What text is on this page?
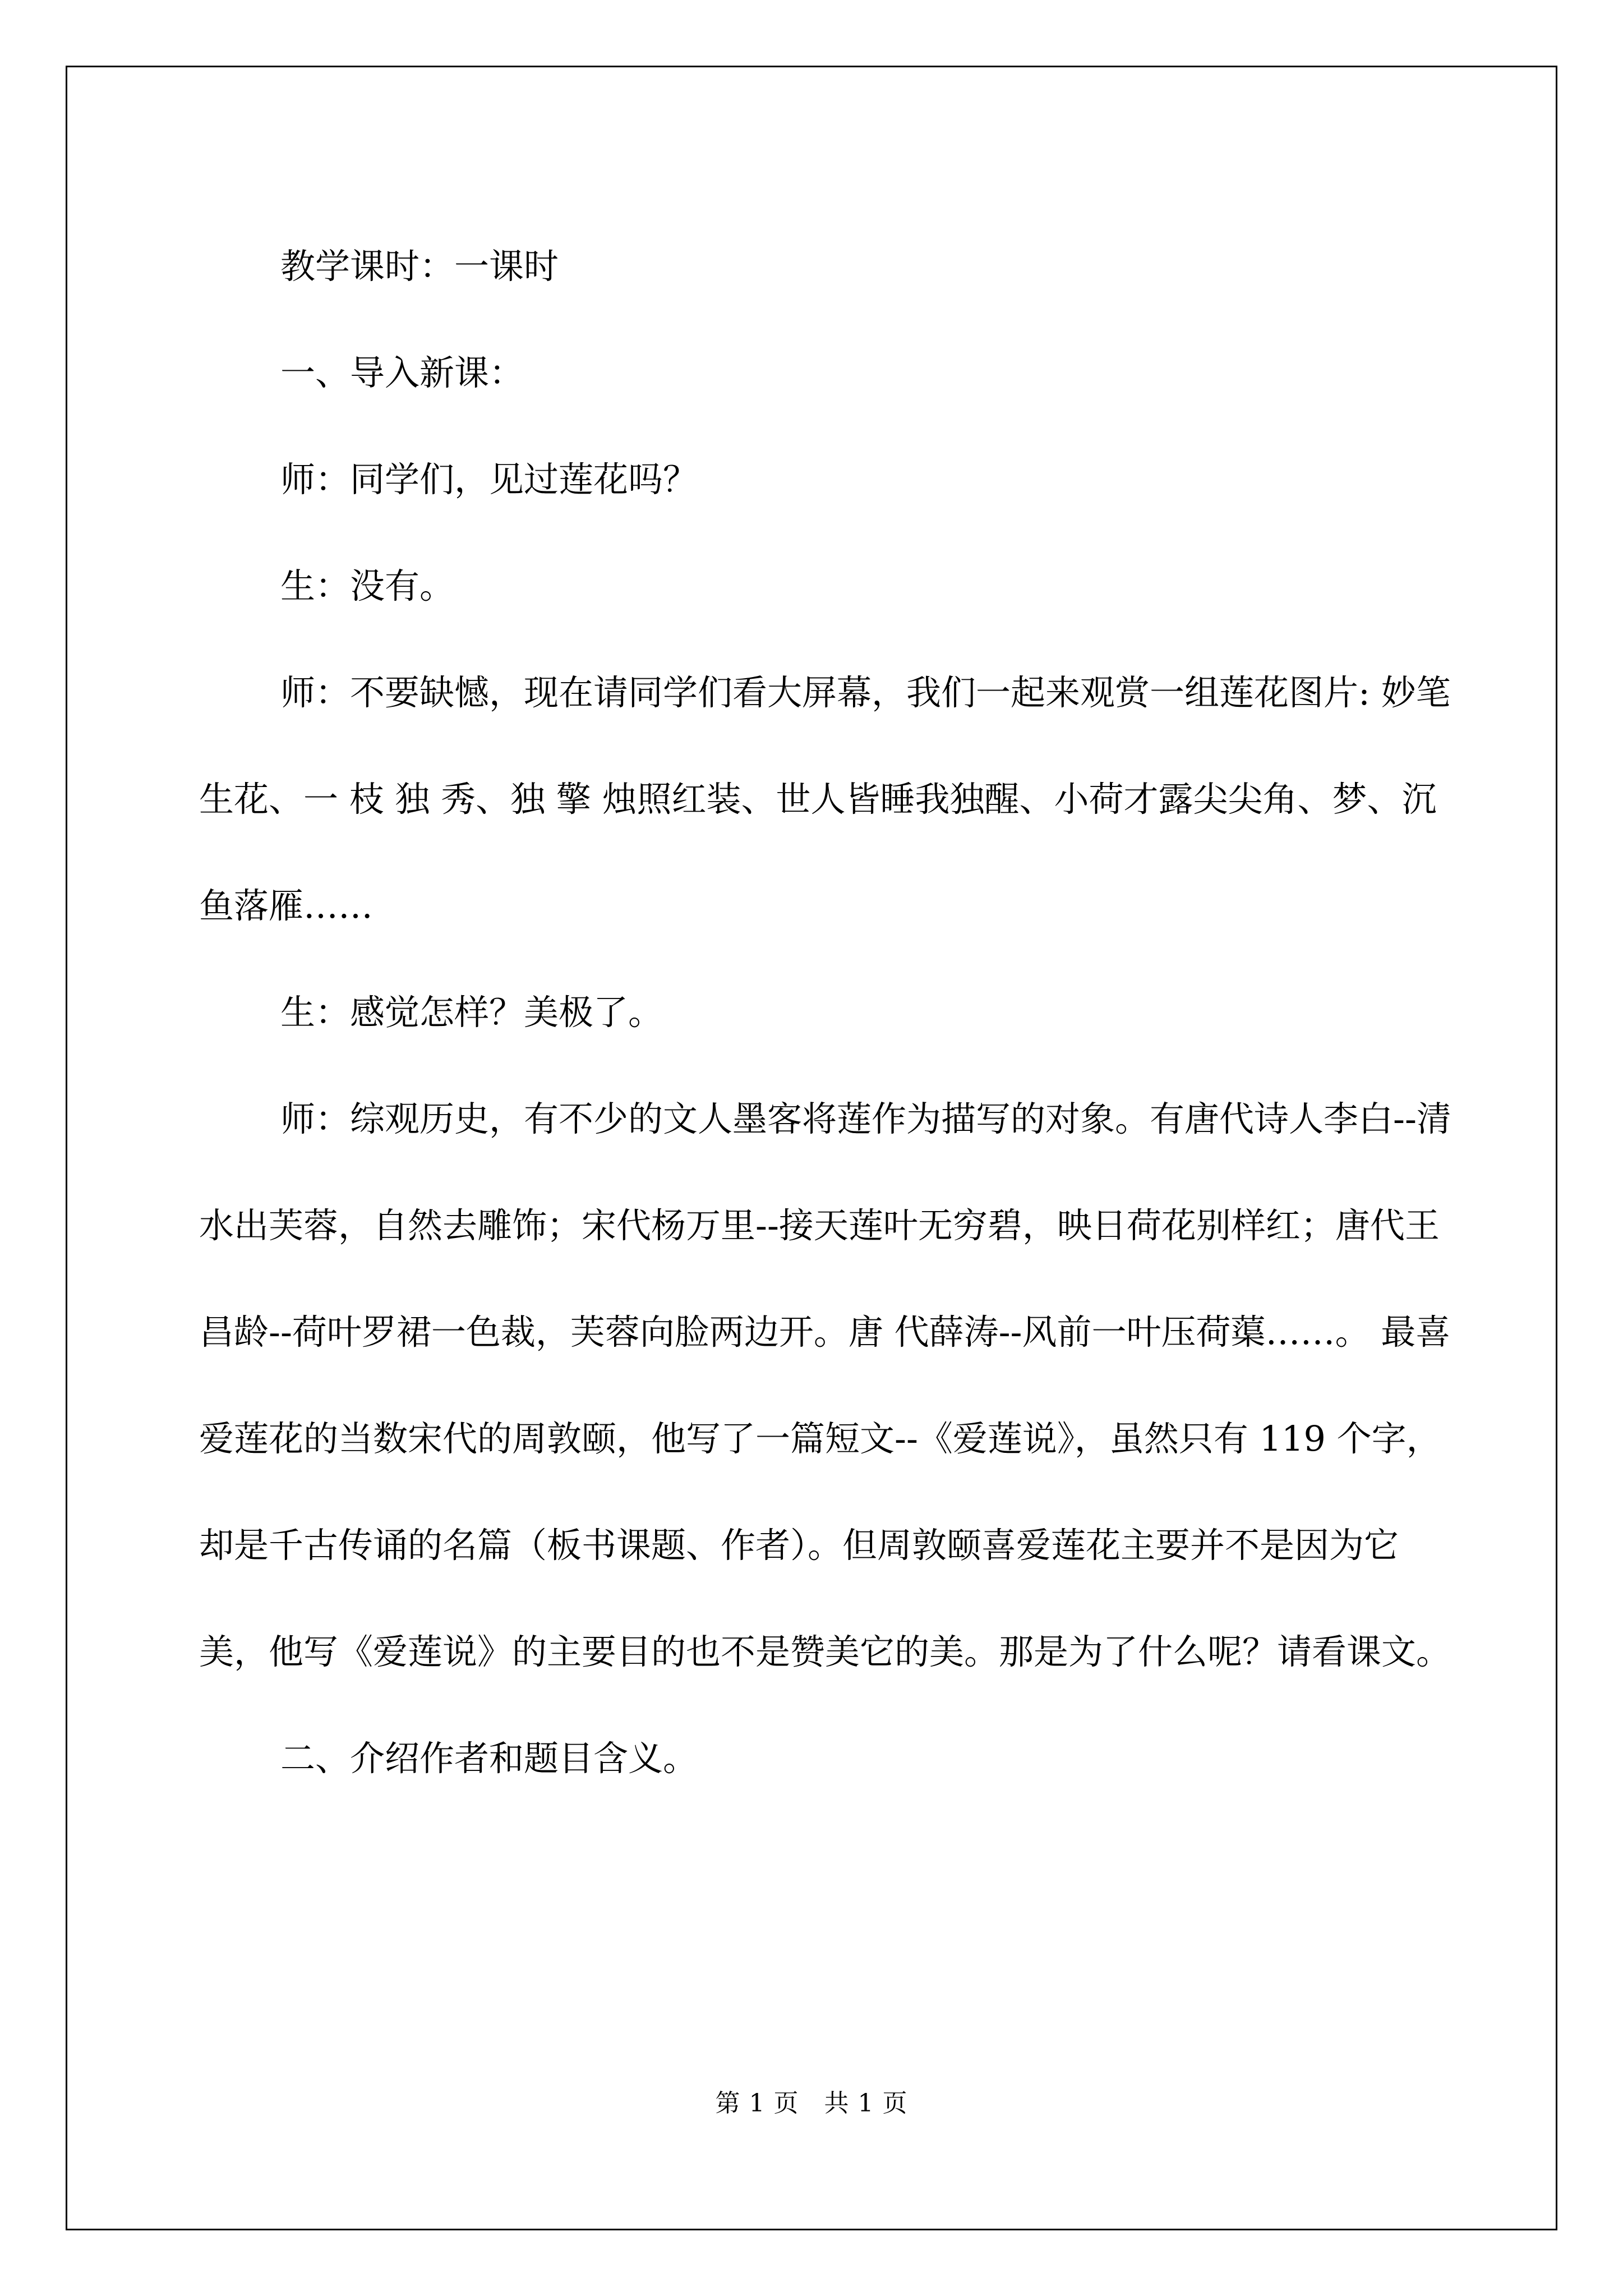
教学课时：一课时

一、导入新课：

师：同学们，见过莲花吗？

生：没有。

师：不要缺憾，现在请同学们看大屏幕，我们一起来观赏一组莲花图片: 妙笔生花、一 枝 独 秀、独 擎 烛照红装、世人皆睡我独醒、小荷才露尖尖角、梦、沉鱼落雁……

生：感觉怎样？美极了。

师：综观历史，有不少的文人墨客将莲作为描写的对象。有唐代诗人李白--清水出芙蓉，自然去雕饰；宋代杨万里--接天莲叶无穷碧，映日荷花别样红；唐代王昌龄--荷叶罗裙一色裁，芙蓉向脸两边开。唐 代薛涛--风前一叶压荷蕖……。 最喜爱莲花的当数宋代的周敦颐，他写了一篇短文--《爱莲说》，虽然只有 119 个字，却是千古传诵的名篇（板书课题、作者）。但周敦颐喜爱莲花主要并不是因为它美，他写《爱莲说》的主要目的也不是赞美它的美。那是为了什么呢？请看课文。

二、介绍作者和题目含义。

第 1 页　共 1 页
